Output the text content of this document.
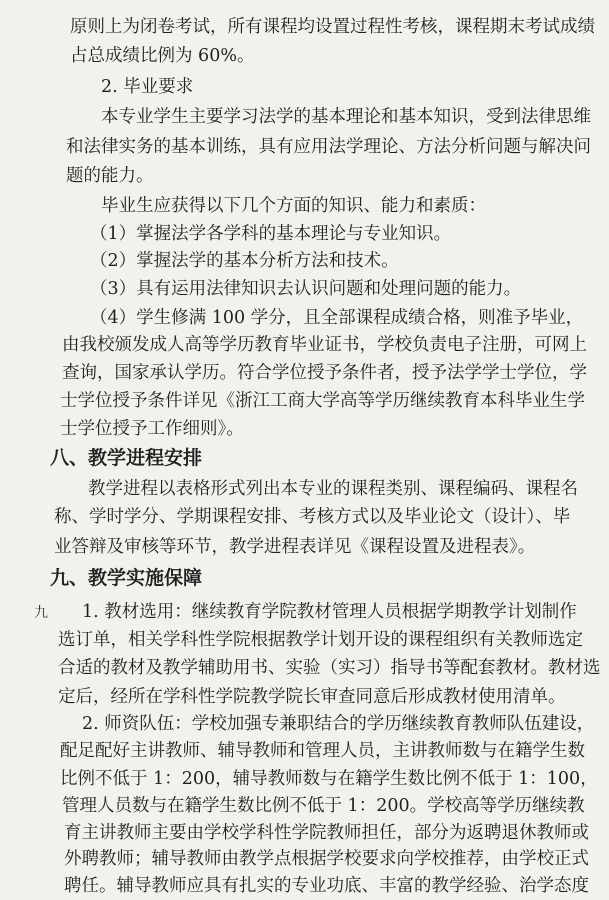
原则上为闭卷考试，所有课程均设置过程性考核，课程期末考试成绩

占总成绩比例为 60%。

2. 毕业要求

本专业学生主要学习法学的基本理论和基本知识，受到法律思维

和法律实务的基本训练，具有应用法学理论、方法分析问题与解决问

题的能力。

毕业生应获得以下几个方面的知识、能力和素质：

（1）掌握法学各学科的基本理论与专业知识。

（2）掌握法学的基本分析方法和技术。

（3）具有运用法律知识去认识问题和处理问题的能力。

（4）学生修满 100 学分，且全部课程成绩合格，则准予毕业，

由我校颁发成人高等学历教育毕业证书，学校负责电子注册，可网上

查询，国家承认学历。符合学位授予条件者，授予法学学士学位，学

士学位授予条件详见《浙江工商大学高等学历继续教育本科毕业生学

士学位授予工作细则》。

八、教学进程安排

教学进程以表格形式列出本专业的课程类别、课程编码、课程名

称、学时学分、学期课程安排、考核方式以及毕业论文（设计）、毕

业答辩及审核等环节，教学进程表详见《课程设置及进程表》。

九、教学实施保障

九 1. 教材选用：继续教育学院教材管理人员根据学期教学计划制作

选订单，相关学科性学院根据教学计划开设的课程组织有关教师选定

合适的教材及教学辅助用书、实验（实习）指导书等配套教材。教材选

定后，经所在学科性学院教学院长审查同意后形成教材使用清单。

2. 师资队伍：学校加强专兼职结合的学历继续教育教师队伍建设，

配足配好主讲教师、辅导教师和管理人员，主讲教师数与在籍学生数

比例不低于 1：200，辅导教师数与在籍学生数比例不低于 1：100，

管理人员数与在籍学生数比例不低于 1：200。学校高等学历继续教

育主讲教师主要由学校学科性学院教师担任，部分为返聘退休教师或

外聘教师；辅导教师由教学点根据学校要求向学校推荐，由学校正式

聘任。辅导教师应具有扎实的专业功底、丰富的教学经验、治学态度
